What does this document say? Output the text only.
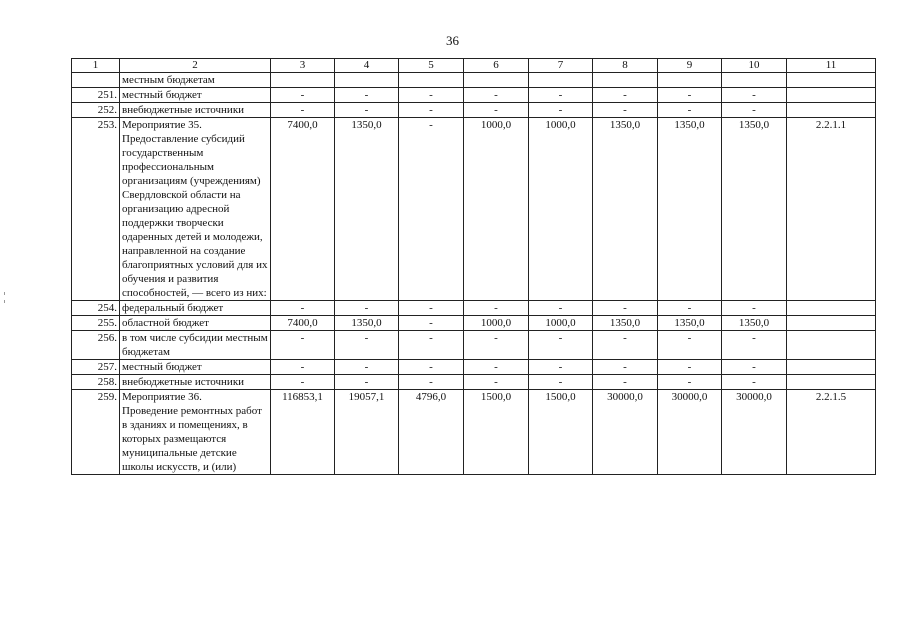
36
1	2	3	4	5	6	7	8	9	10	11
	местным бюджетам									
251.	местный бюджет	-	-	-	-	-	-	-	-	
252.	внебюджетные источники	-	-	-	-	-	-	-	-	
253.	Мероприятие 35.
Предоставление субсидий государственным профессиональным организациям (учреждениям) Свердловской области на организацию адресной поддержки творчески одаренных детей и молодежи, направленной на создание благоприятных условий для их обучения и развития способностей, — всего из них:	7400,0	1350,0	-	1000,0	1000,0	1350,0	1350,0	1350,0	2.2.1.1
254.	федеральный бюджет	-	-	-	-	-	-	-	-	
255.	областной бюджет	7400,0	1350,0	-	1000,0	1000,0	1350,0	1350,0	1350,0	
256.	в том числе субсидии местным бюджетам	-	-	-	-	-	-	-	-	
257.	местный бюджет	-	-	-	-	-	-	-	-	
258.	внебюджетные источники	-	-	-	-	-	-	-	-	
259.	Мероприятие 36.
Проведение ремонтных работ в зданиях и помещениях, в которых размещаются муниципальные детские школы искусств, и (или)	116853,1	19057,1	4796,0	1500,0	1500,0	30000,0	30000,0	30000,0	2.2.1.5
